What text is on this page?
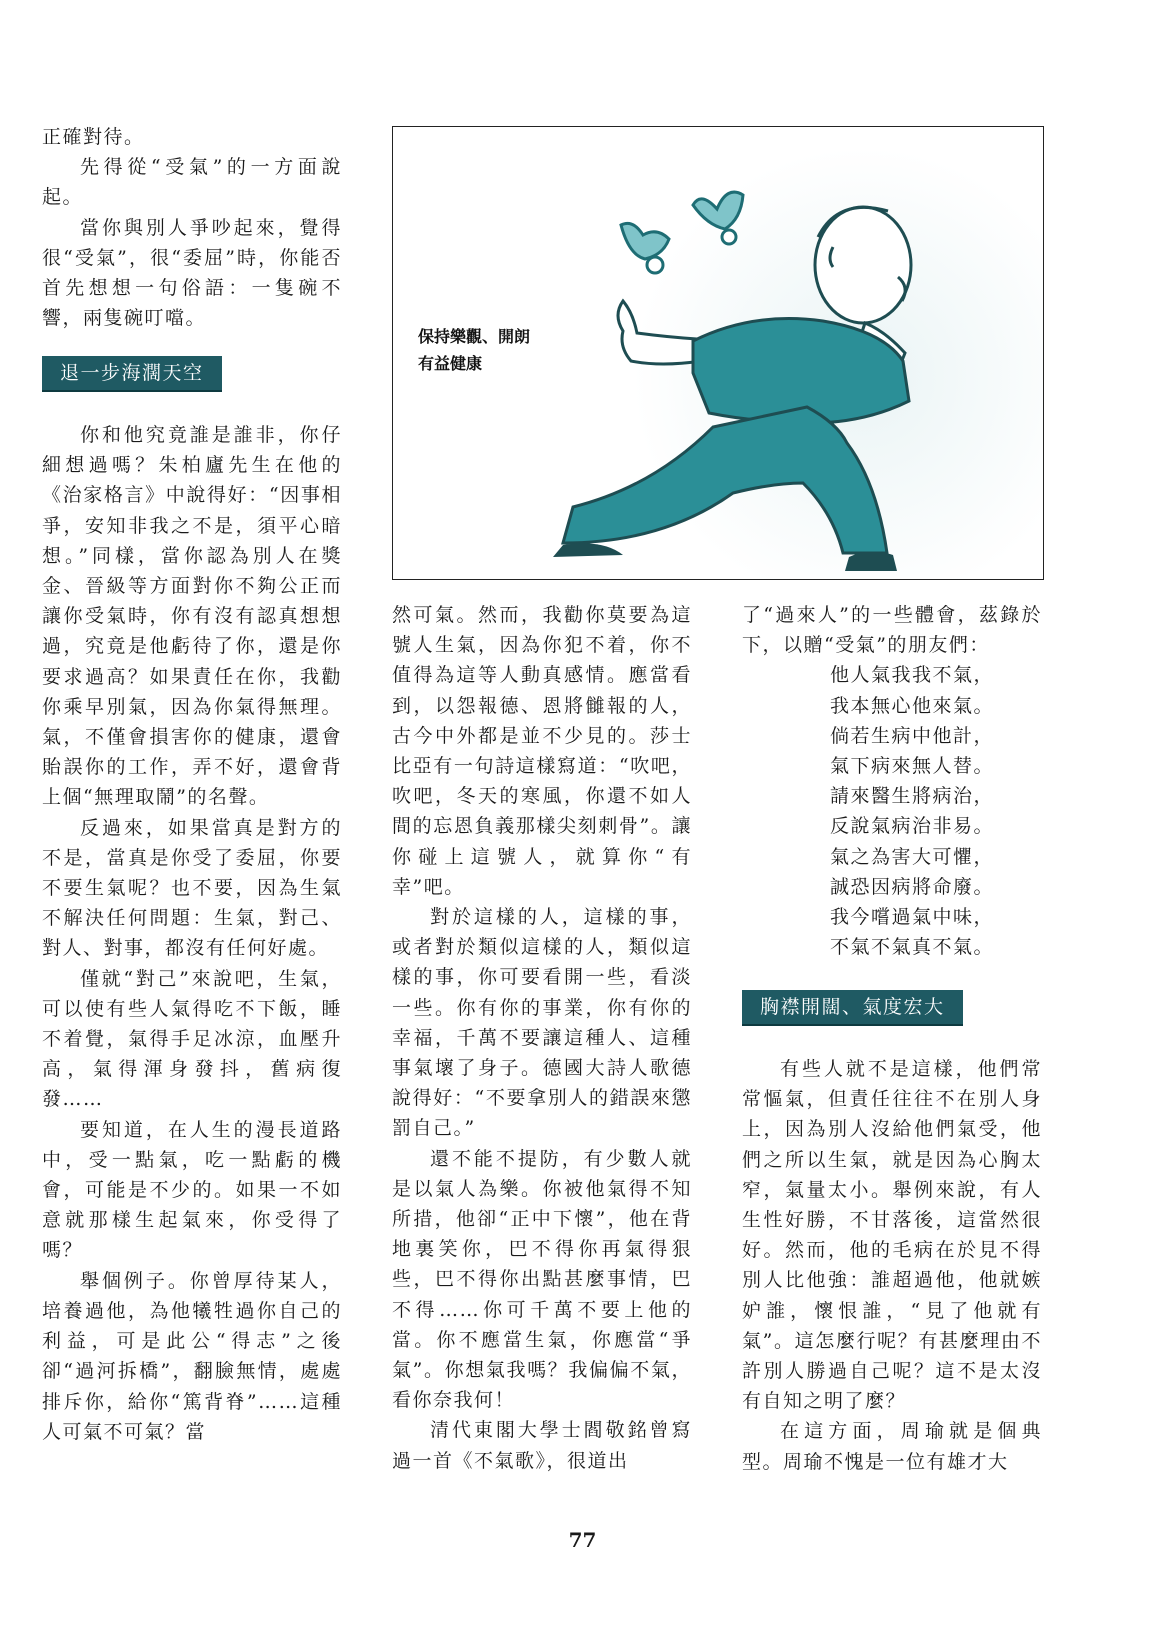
正確對待。

先得從“受氣”的一方面說起。

當你與別人爭吵起來，覺得很“受氣”，很“委屈”時，你能否首先想想一句俗語：一隻碗不響，兩隻碗叮噹。

退一步海濶天空

你和他究竟誰是誰非，你仔細想過嗎？朱柏廬先生在他的《治家格言》中說得好：“因事相爭，安知非我之不是，須平心暗想。”同樣，當你認為別人在獎金、晉級等方面對你不夠公正而讓你受氣時，你有沒有認真想想過，究竟是他虧待了你，還是你要求過高？如果責任在你，我勸你乘早別氣，因為你氣得無理。氣，不僅會損害你的健康，還會貽誤你的工作，弄不好，還會背上個“無理取鬧”的名聲。

反過來，如果當真是對方的不是，當真是你受了委屈，你要不要生氣呢？也不要，因為生氣不解決任何問題：生氣，對己、對人、對事，都沒有任何好處。

僅就“對己”來說吧，生氣，可以使有些人氣得吃不下飯，睡不着覺，氣得手足冰涼，血壓升高，氣得渾身發抖，舊病復發……

要知道，在人生的漫長道路中，受一點氣，吃一點虧的機會，可能是不少的。如果一不如意就那樣生起氣來，你受得了嗎？

舉個例子。你曾厚待某人，培養過他，為他犧牲過你自己的利益，可是此公“得志”之後卻“過河拆橋”，翻臉無情，處處排斥你，給你“篤背脊”……這種人可氣不可氣？當

保持樂觀、開朗
有益健康

然可氣。然而，我勸你莫要為這號人生氣，因為你犯不着，你不值得為這等人動真感情。應當看到，以怨報德、恩將雠報的人，古今中外都是並不少見的。莎士比亞有一句詩這樣寫道：“吹吧，吹吧，冬天的寒風，你還不如人間的忘恩負義那樣尖刻刺骨”。讓你碰上這號人，就算你“有幸”吧。

對於這樣的人，這樣的事，或者對於類似這樣的人，類似這樣的事，你可要看開一些，看淡一些。你有你的事業，你有你的幸福，千萬不要讓這種人、這種事氣壞了身子。德國大詩人歌德說得好：“不要拿別人的錯誤來懲罰自己。”

還不能不提防，有少數人就是以氣人為樂。你被他氣得不知所措，他卻“正中下懷”，他在背地裏笑你，巴不得你再氣得狠些，巴不得你出點甚麼事情，巴不得……你可千萬不要上他的當。你不應當生氣，你應當“爭氣”。你想氣我嗎？我偏偏不氣，看你奈我何！

清代東閣大學士閻敬銘曾寫過一首《不氣歌》，很道出

了“過來人”的一些體會，茲錄於下，以贈“受氣”的朋友們：

他人氣我我不氣，
我本無心他來氣。
倘若生病中他計，
氣下病來無人替。
請來醫生將病治，
反說氣病治非易。
氣之為害大可懼，
誠恐因病將命廢。
我今嚐過氣中味，
不氣不氣真不氣。
胸襟開闊、氣度宏大

有些人就不是這樣，他們常常慪氣，但責任往往不在別人身上，因為別人沒給他們氣受，他們之所以生氣，就是因為心胸太窄，氣量太小。舉例來說，有人生性好勝，不甘落後，這當然很好。然而，他的毛病在於見不得別人比他強：誰超過他，他就嫉妒誰，懷恨誰，“見了他就有氣”。這怎麼行呢？有甚麼理由不許別人勝過自己呢？這不是太沒有自知之明了麼？

在這方面，周瑜就是個典型。周瑜不愧是一位有雄才大

77
